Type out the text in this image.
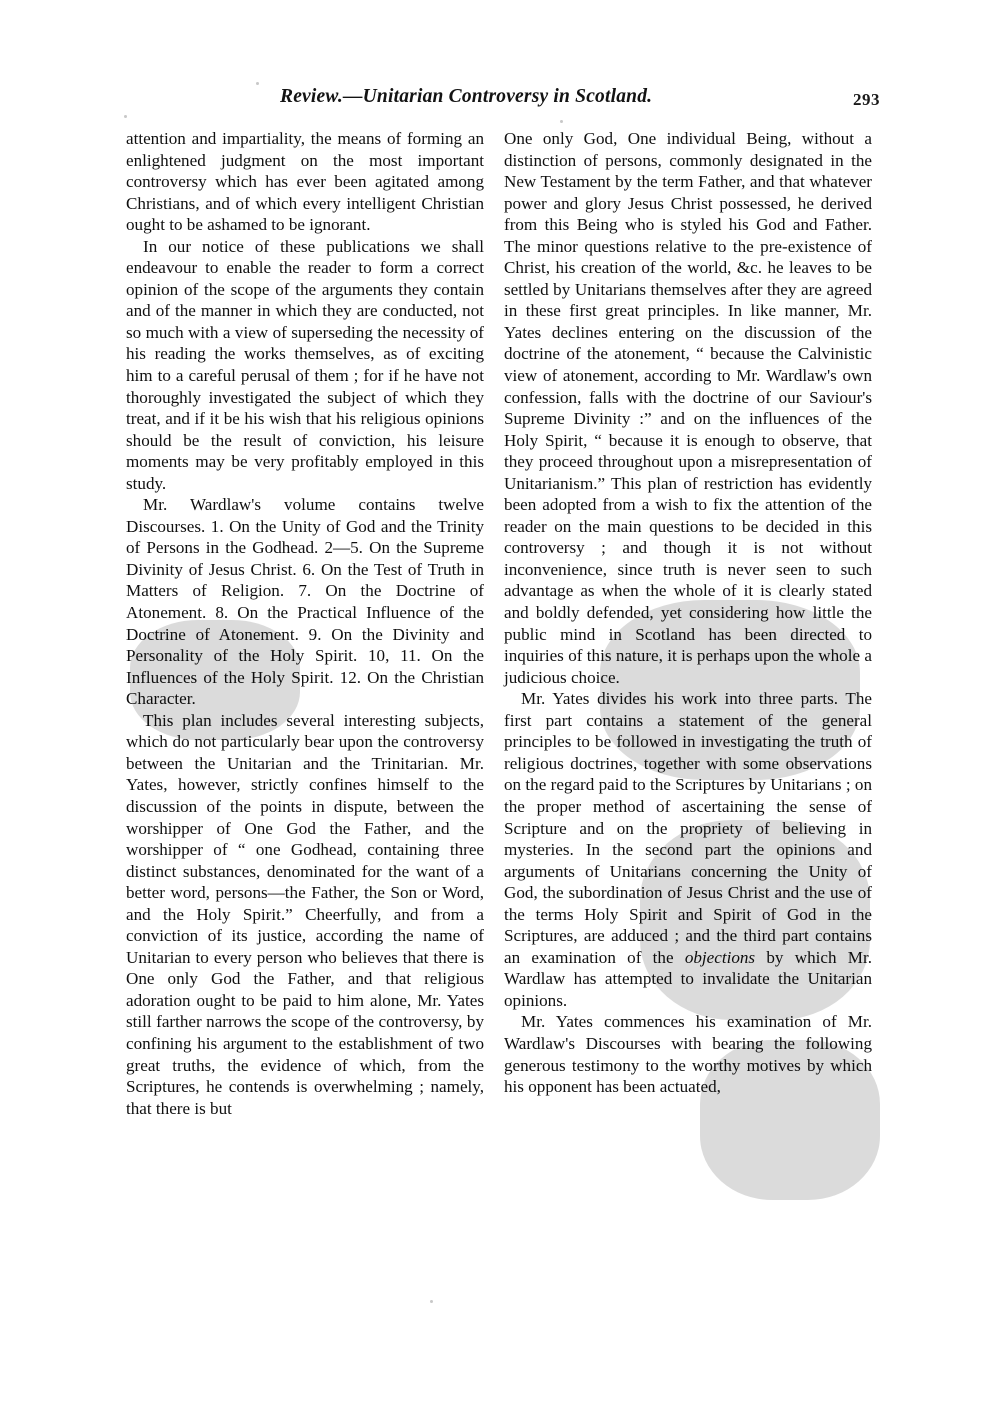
Review.—Unitarian Controversy in Scotland.	293

attention and impartiality, the means of forming an enlightened judgment on the most important controversy which has ever been agitated among Christians, and of which every intelligent Christian ought to be ashamed to be ignorant.

In our notice of these publications we shall endeavour to enable the reader to form a correct opinion of the scope of the arguments they contain and of the manner in which they are conducted, not so much with a view of superseding the necessity of his reading the works themselves, as of exciting him to a careful perusal of them ; for if he have not thoroughly investigated the subject of which they treat, and if it be his wish that his religious opinions should be the result of conviction, his leisure moments may be very profitably employed in this study.

Mr. Wardlaw's volume contains twelve Discourses. 1. On the Unity of God and the Trinity of Persons in the Godhead. 2—5. On the Supreme Divinity of Jesus Christ. 6. On the Test of Truth in Matters of Religion. 7. On the Doctrine of Atonement. 8. On the Practical Influence of the Doctrine of Atonement. 9. On the Divinity and Personality of the Holy Spirit. 10, 11. On the Influences of the Holy Spirit. 12. On the Christian Character.

This plan includes several interesting subjects, which do not particularly bear upon the controversy between the Unitarian and the Trinitarian. Mr. Yates, however, strictly confines himself to the discussion of the points in dispute, between the worshipper of One God the Father, and the worshipper of “ one Godhead, containing three distinct substances, denominated for the want of a better word, persons—the Father, the Son or Word, and the Holy Spirit.” Cheerfully, and from a conviction of its justice, according the name of Unitarian to every person who believes that there is One only God the Father, and that religious adoration ought to be paid to him alone, Mr. Yates still farther narrows the scope of the controversy, by confining his argument to the establishment of two great truths, the evidence of which, from the Scriptures, he contends is overwhelming ; namely, that there is but

One only God, One individual Being, without a distinction of persons, commonly designated in the New Testament by the term Father, and that whatever power and glory Jesus Christ possessed, he derived from this Being who is styled his God and Father. The minor questions relative to the pre-existence of Christ, his creation of the world, &c. he leaves to be settled by Unitarians themselves after they are agreed in these first great principles. In like manner, Mr. Yates declines entering on the discussion of the doctrine of the atonement, “ because the Calvinistic view of atonement, according to Mr. Wardlaw's own confession, falls with the doctrine of our Saviour's Supreme Divinity :” and on the influences of the Holy Spirit, “ because it is enough to observe, that they proceed throughout upon a misrepresentation of Unitarianism.” This plan of restriction has evidently been adopted from a wish to fix the attention of the reader on the main questions to be decided in this controversy ; and though it is not without inconvenience, since truth is never seen to such advantage as when the whole of it is clearly stated and boldly defended, yet considering how little the public mind in Scotland has been directed to inquiries of this nature, it is perhaps upon the whole a judicious choice.

Mr. Yates divides his work into three parts. The first part contains a statement of the general principles to be followed in investigating the truth of religious doctrines, together with some observations on the regard paid to the Scriptures by Unitarians ; on the proper method of ascertaining the sense of Scripture and on the propriety of believing in mysteries. In the second part the opinions and arguments of Unitarians concerning the Unity of God, the subordination of Jesus Christ and the use of the terms Holy Spirit and Spirit of God in the Scriptures, are adduced ; and the third part contains an examination of the objections by which Mr. Wardlaw has attempted to invalidate the Unitarian opinions.

Mr. Yates commences his examination of Mr. Wardlaw's Discourses with bearing the following generous testimony to the worthy motives by which his opponent has been actuated,
